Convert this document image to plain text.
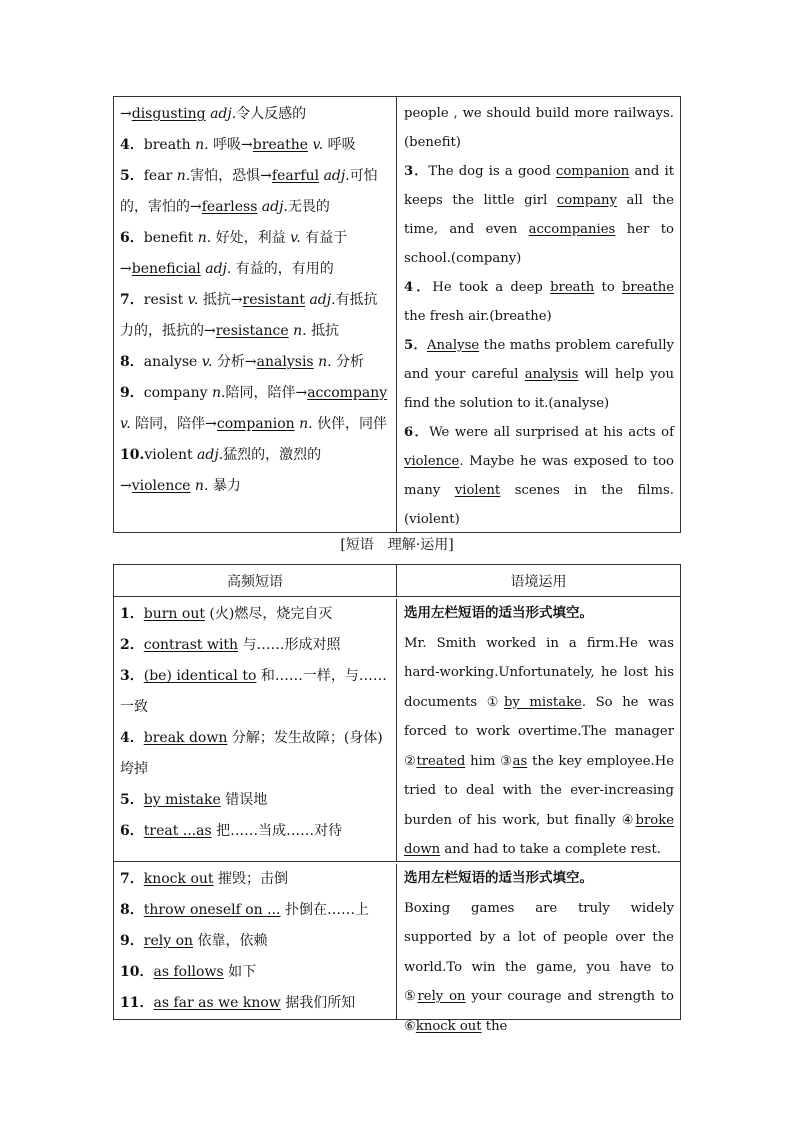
→disgusting adj.令人反感的

4．breath n. 呼吸→breathe v. 呼吸

5．fear n.害怕，恐惧→fearful adj.可怕的，害怕的→fearless adj.无畏的

6．benefit n. 好处，利益 v. 有益于→beneficial adj. 有益的，有用的

7．resist v. 抵抗→resistant adj.有抵抗力的，抵抗的→resistance n. 抵抗

8．analyse v. 分析→analysis n. 分析

9．company n.陪同，陪伴→accompany v. 陪同，陪伴→companion n. 伙伴，同伴

10.violent adj.猛烈的，激烈的→violence n. 暴力

people , we should build more railways.(benefit)

3．The dog is a good companion and it keeps the little girl company all the time, and even accompanies her to school.(company)

4．He took a deep breath to breathe the fresh air.(breathe)

5．Analyse the maths problem carefully and your careful analysis will help you find the solution to it.(analyse)

6．We were all surprised at his acts of violence. Maybe he was exposed to too many violent scenes in the films.(violent)

[短语　理解·运用]
高频短语	语境运用

1．burn out (火)燃尽，烧完自灭

2．contrast with 与……形成对照

3．(be) identical to 和……一样，与……一致

4．break down 分解；发生故障；(身体)垮掉

5．by mistake 错误地

6．treat ...as 把……当成……对待

选用左栏短语的适当形式填空。

Mr. Smith worked in a firm.He was hard-working.Unfortunately, he lost his documents ①by mistake. So he was forced to work overtime.The manager ②treated him ③as the key employee.He tried to deal with the ever-increasing burden of his work, but finally ④broke down and had to take a complete rest.

7．knock out 摧毁；击倒

8．throw oneself on ... 扑倒在……上

9．rely on 依靠，依赖

10．as follows 如下

11．as far as we know 据我们所知

选用左栏短语的适当形式填空。

Boxing games are truly widely supported by a lot of people over the world.To win the game, you have to ⑤rely on your courage and strength to ⑥knock out the
